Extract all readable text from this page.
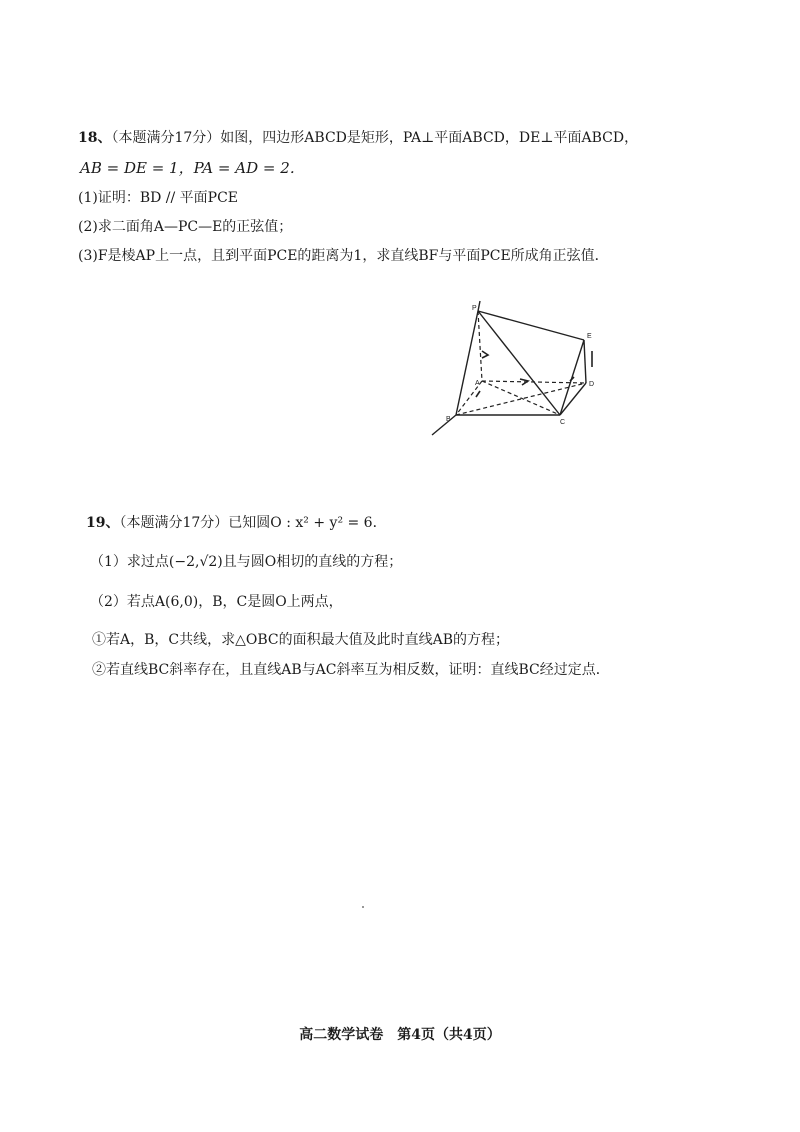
18、（本题满分17分）如图，四边形ABCD是矩形，PA⊥平面ABCD，DE⊥平面ABCD，
AB = DE = 1，PA = AD = 2．
(1)证明：BD // 平面PCE
(2)求二面角A—PC—E的正弦值；
(3)F是棱AP上一点，且到平面PCE的距离为1，求直线BF与平面PCE所成角正弦值．
P
E
A	D
B	C
19、（本题满分17分）已知圆O : x² + y² = 6．
（1）求过点(−2,√2)且与圆O相切的直线的方程；
（2）若点A(6,0)，B，C是圆O上两点，
①若A，B，C共线，求△OBC的面积最大值及此时直线AB的方程；
②若直线BC斜率存在，且直线AB与AC斜率互为相反数，证明：直线BC经过定点．
高二数学试卷　第4页（共4页）
